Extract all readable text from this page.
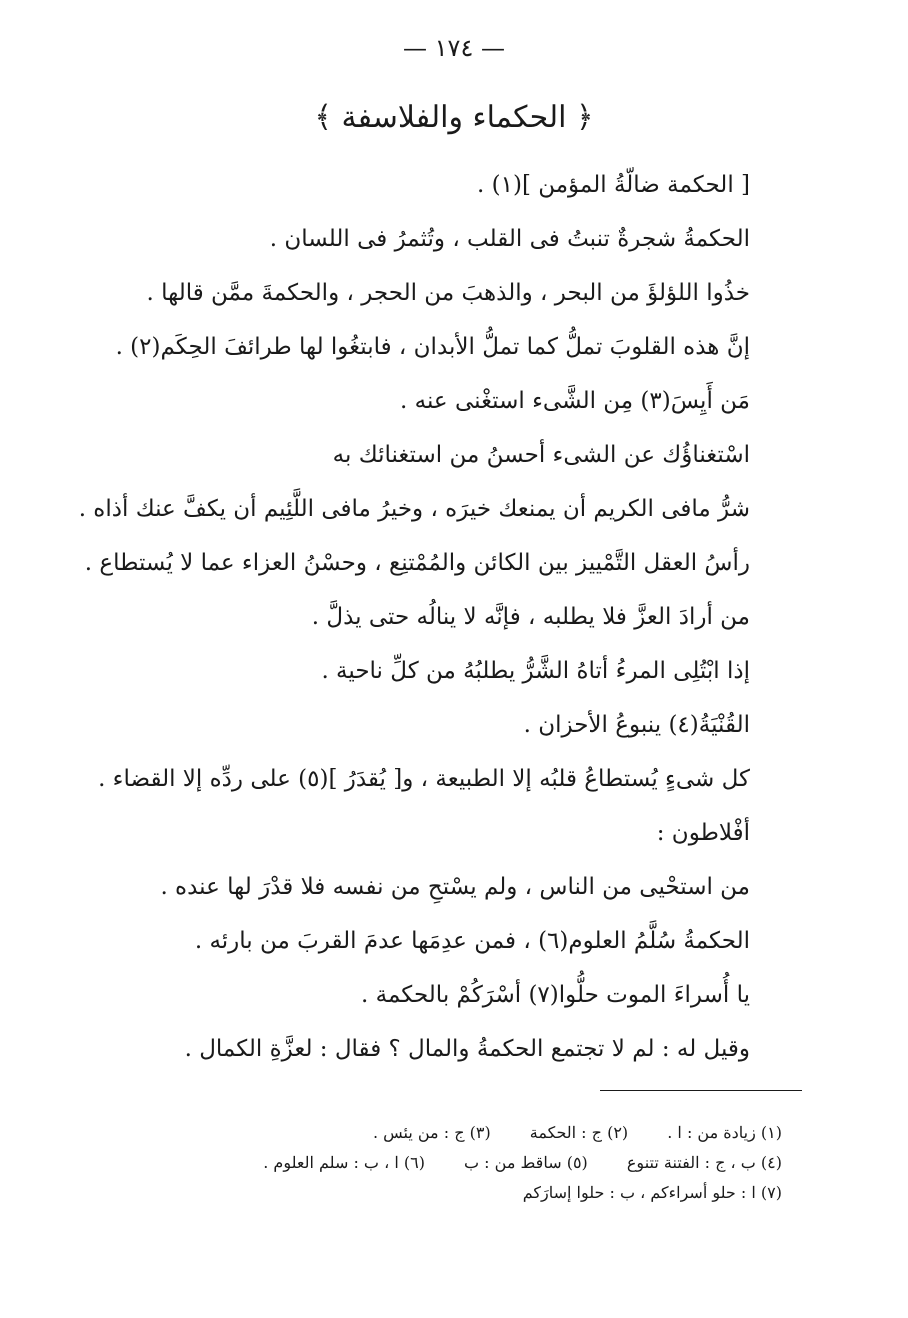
— ١٧٤ —
﴿ الحكماء والفلاسفة ﴾
[ الحكمة ضالّةُ المؤمن ](١) .
الحكمةُ شجرةٌ تنبتُ فى القلب ، وتُثمرُ فى اللسان .
خذُوا اللؤلؤَ من البحر ، والذهبَ من الحجر ، والحكمةَ ممَّن قالها .
إنَّ هذه القلوبَ تملُّ كما تملُّ الأبدان ، فابتغُوا لها طرائفَ الحِكَم(٢) .
مَن أَيِسَ(٣) مِن الشَّىء استغْنى عنه .
اسْتغناؤُك عن الشىء أحسنُ من استغنائك به
شرُّ مافى الكريم أن يمنعك خيرَه ، وخيرُ مافى اللَّئِيم أن يكفَّ عنك أذاه .
رأسُ العقل التَّمْييز بين الكائن والمُمْتنِع ، وحسْنُ العزاء عما لا يُستطاع .
من أرادَ العزَّ فلا يطلبه ، فإنَّه لا ينالُه حتى يذلَّ .
إذا ابْتُلِى المرءُ أتاهُ الشَّرُّ يطلبُهُ من كلِّ ناحية .
القُنْيَةُ(٤) ينبوعُ الأحزان .
كل شىءٍ يُستطاعُ قلبُه إلا الطبيعة ، و[ يُقدَرُ ](٥) على ردِّه إلا القضاء .
أفْلاطون :
من استحْيى من الناس ، ولم يسْتحِ من نفسه فلا قدْرَ لها عنده .
الحكمةُ سُلَّمُ العلوم(٦) ، فمن عدِمَها عدمَ القربَ من بارئه .
يا أُسراءَ الموت حلُّوا(٧) أسْرَكُمْ بالحكمة .
وقيل له : لم لا تجتمع الحكمةُ والمال ؟ فقال : لعزَّةِ الكمال .
(١) زيادة من : ا . (٢) ج : الحكمة (٣) ج : من يئس .
(٤) ب ، ج : الفتنة تتنوع (٥) ساقط من : ب (٦) ا ، ب : سلم العلوم .
(٧) ا : حلو أسراءكم ، ب : حلوا إسارَكم
